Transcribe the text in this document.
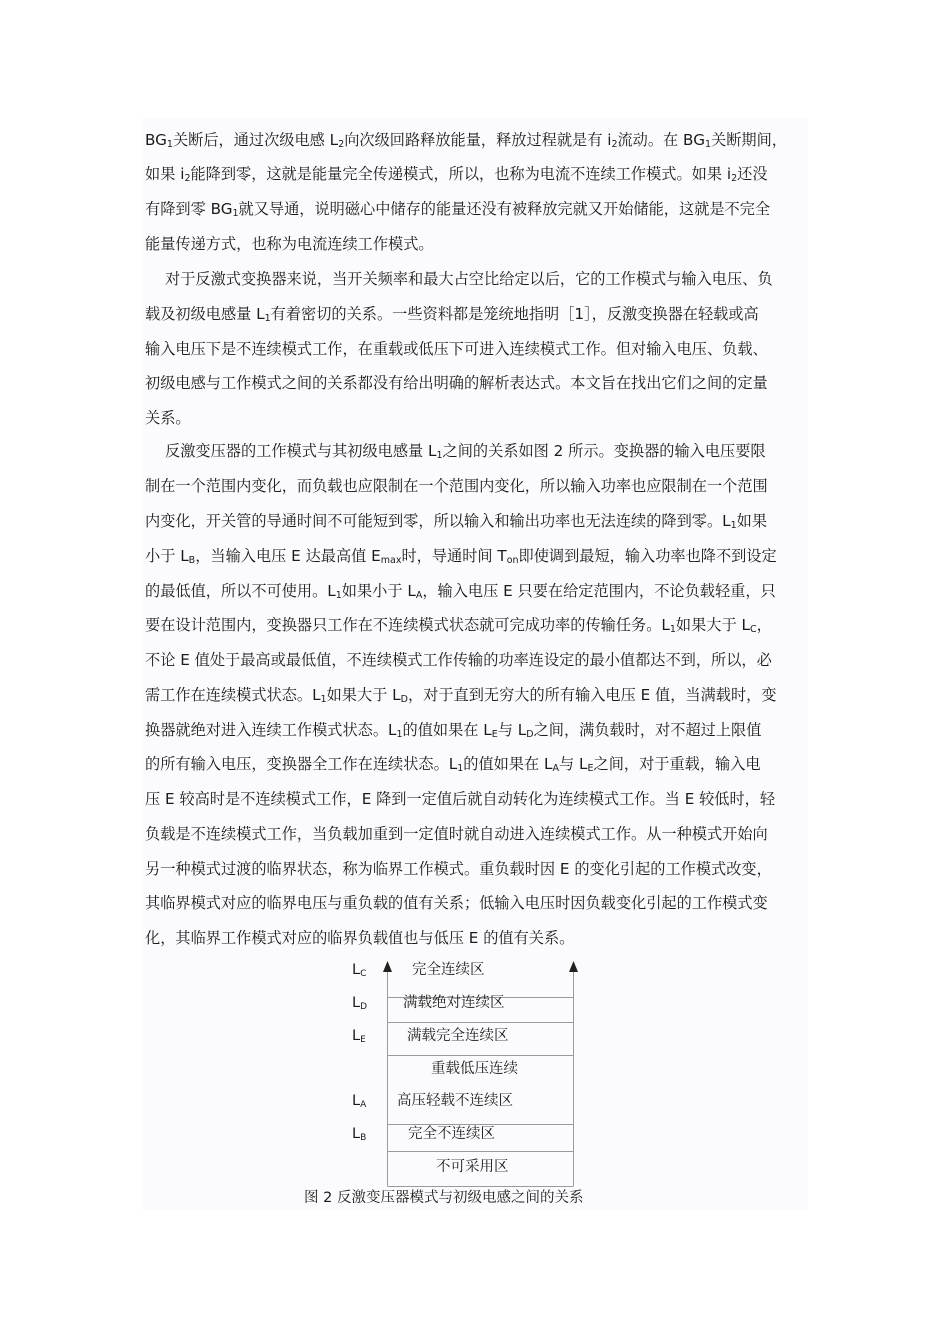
$BG_1$关断后，通过次级电感 $L_2$向次级回路释放能量，释放过程就是有 $i_2$流动。在 $BG_1$关断期间，
如果 $i_2$能降到零，这就是能量完全传递模式，所以，也称为电流不连续工作模式。如果 $i_2$还没
有降到零 $BG_1$就又导通，说明磁心中储存的能量还没有被释放完就又开始储能，这就是不完全
能量传递方式，也称为电流连续工作模式。
对于反激式变换器来说，当开关频率和最大占空比给定以后，它的工作模式与输入电压、负
载及初级电感量 $L_1$有着密切的关系。一些资料都是笼统地指明［1］，反激变换器在轻载或高
输入电压下是不连续模式工作，在重载或低压下可进入连续模式工作。但对输入电压、负载、
初级电感与工作模式之间的关系都没有给出明确的解析表达式。本文旨在找出它们之间的定量
关系。
反激变压器的工作模式与其初级电感量 $L_1$之间的关系如图 2 所示。变换器的输入电压要限
制在一个范围内变化，而负载也应限制在一个范围内变化，所以输入功率也应限制在一个范围
内变化，开关管的导通时间不可能短到零，所以输入和输出功率也无法连续的降到零。$L_1$如果
小于 $L_B$，当输入电压 E 达最高值 $E_{max}$时，导通时间 $T_{on}$即使调到最短，输入功率也降不到设定
的最低值，所以不可使用。$L_1$如果小于 $L_A$，输入电压 E 只要在给定范围内，不论负载轻重，只
要在设计范围内，变换器只工作在不连续模式状态就可完成功率的传输任务。$L_1$如果大于 $L_C$，
不论 E 值处于最高或最低值，不连续模式工作传输的功率连设定的最小值都达不到，所以，必
需工作在连续模式状态。$L_1$如果大于 $L_D$，对于直到无穷大的所有输入电压 E 值，当满载时，变
换器就绝对进入连续工作模式状态。$L_1$的值如果在 $L_E$与 $L_D$之间，满负载时，对不超过上限值
的所有输入电压，变换器全工作在连续状态。$L_1$的值如果在 $L_A$与 $L_E$之间，对于重载，输入电
压 E 较高时是不连续模式工作，E 降到一定值后就自动转化为连续模式工作。当 E 较低时，轻
负载是不连续模式工作，当负载加重到一定值时就自动进入连续模式工作。从一种模式开始向
另一种模式过渡的临界状态，称为临界工作模式。重负载时因 E 的变化引起的工作模式改变，
其临界模式对应的临界电压与重负载的值有关系；低输入电压时因负载变化引起的工作模式变
化，其临界工作模式对应的临界负载值也与低压 E 的值有关系。
$L_C$
$L_D$
$L_E$
$L_A$
$L_B$
完全连续区
满载绝对连续区
满载完全连续区
重载低压连续
高压轻载不连续区
完全不连续区
不可采用区
图 2 反激变压器模式与初级电感之间的关系
